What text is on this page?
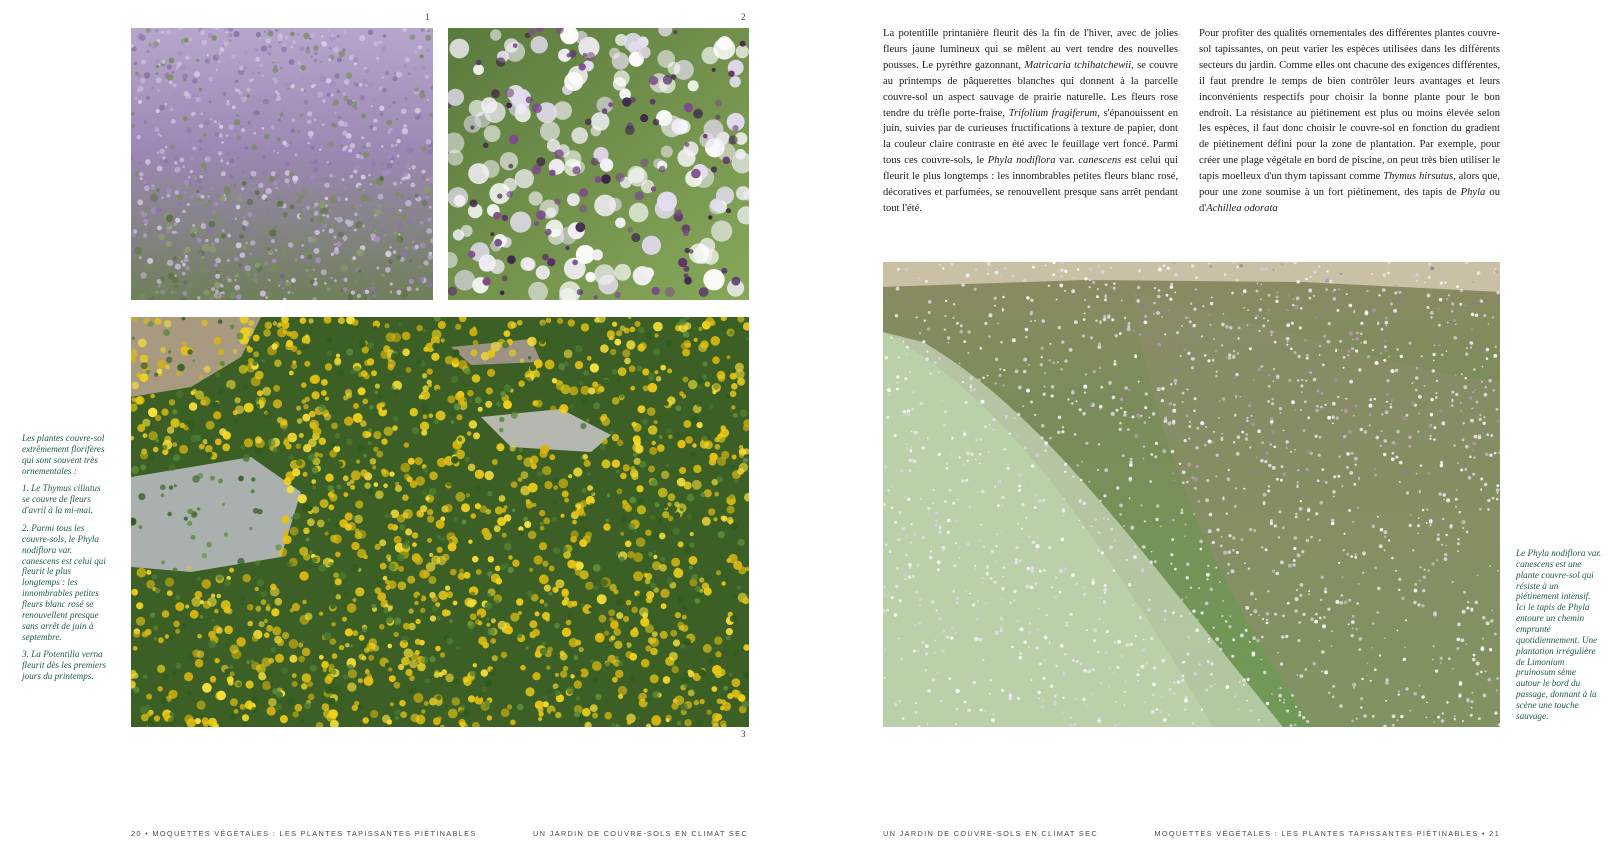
1	2
3

Les plantes couvre-sol extrêmement florifères qui sont souvent très ornementales :

1. Le Thymus ciliatus se couvre de fleurs d'avril à la mi-mai.

2. Parmi tous les couvre-sols, le Phyla nodiflora var. canescens est celui qui fleurit le plus longtemps : les innombrables petites fleurs blanc rosé se renouvellent presque sans arrêt de juin à septembre.

3. La Potentilla verna fleurit dès les premiers jours du printemps.

Le Phyla nodiflora var. canescens est une plante couvre-sol qui résiste à un piétinement intensif. Ici le tapis de Phyla entoure un chemin emprunté quotidiennement. Une plantation irrégulière de Limonium pruinosum sème autour le bord du passage, donnant à la scène une touche sauvage.

La potentille printanière fleurit dès la fin de l'hiver, avec de jolies fleurs jaune lumineux qui se mêlent au vert tendre des nouvelles pousses. Le pyrèthre gazonnant, Matricaria tchihatchewii, se couvre au printemps de pâquerettes blanches qui donnent à la parcelle couvre-sol un aspect sauvage de prairie naturelle. Les fleurs rose tendre du trèfle porte-fraise, Trifolium fragiferum, s'épanouissent en juin, suivies par de curieuses fructifications à texture de papier, dont la couleur claire contraste en été avec le feuillage vert foncé. Parmi tous ces couvre-sols, le Phyla nodiflora var. canescens est celui qui fleurit le plus longtemps : les innombrables petites fleurs blanc rosé, décoratives et parfumées, se renouvellent presque sans arrêt pendant tout l'été.

Pour profiter des qualités ornementales des différentes plantes couvre-sol tapissantes, on peut varier les espèces utilisées dans les différents secteurs du jardin. Comme elles ont chacune des exigences différentes, il faut prendre le temps de bien contrôler leurs avantages et leurs inconvénients respectifs pour choisir la bonne plante pour le bon endroit. La résistance au piétinement est plus ou moins élevée selon les espèces, il faut donc choisir le couvre-sol en fonction du gradient de piétinement défini pour la zone de plantation. Par exemple, pour créer une plage végétale en bord de piscine, on peut très bien utiliser le tapis moelleux d'un thym tapissant comme Thymus hirsutus, alors que, pour une zone soumise à un fort piétinement, des tapis de Phyla ou d'Achillea odorata

20 • MOQUETTES VÉGÉTALES : LES PLANTES TAPISSANTES PIÉTINABLES	UN JARDIN DE COUVRE-SOLS EN CLIMAT SEC	UN JARDIN DE COUVRE-SOLS EN CLIMAT SEC	MOQUETTES VÉGÉTALES : LES PLANTES TAPISSANTES PIÉTINABLES • 21
